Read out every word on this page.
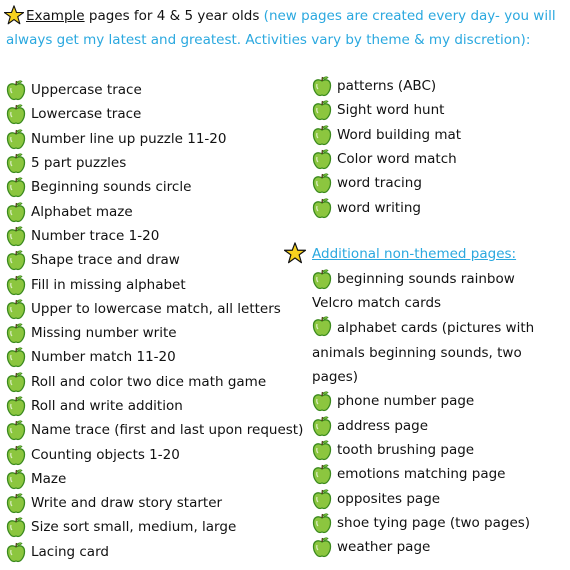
Example pages for 4 & 5 year olds (new pages are created every day- you will
always get my latest and greatest. Activities vary by theme & my discretion):
Uppercase trace
Lowercase trace
Number line up puzzle 11-20
5 part puzzles
Beginning sounds circle
Alphabet maze
Number trace 1-20
Shape trace and draw
Fill in missing alphabet
Upper to lowercase match, all letters
Missing number write
Number match 11-20
Roll and color two dice math game
Roll and write addition
Name trace (first and last upon request)
Counting objects 1-20
Maze
Write and draw story starter
Size sort small, medium, large
Lacing card
patterns (ABC)
Sight word hunt
Word building mat
Color word match
word tracing
word writing
Additional non-themed pages:
beginning sounds rainbow
Velcro match cards
alphabet cards (pictures with animals beginning sounds, two pages)
phone number page
address page
tooth brushing page
emotions matching page
opposites page
shoe tying page (two pages)
weather page
